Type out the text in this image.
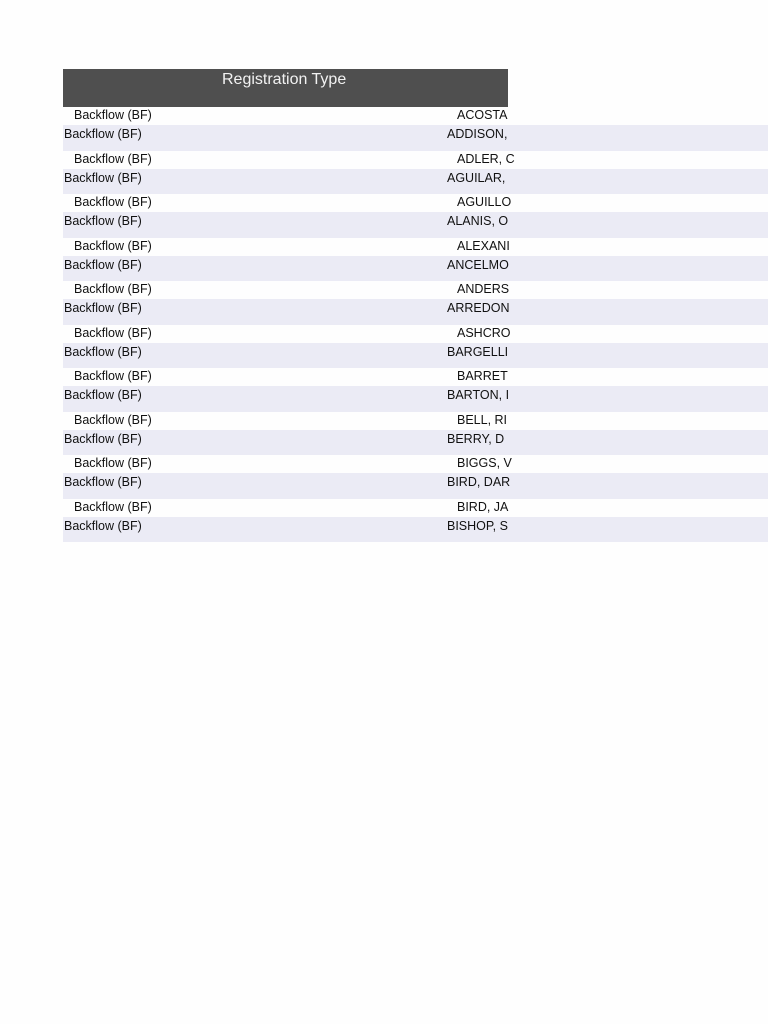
Registration Type
Backflow (BF)	ACOSTA
Backflow (BF)	ADDISON,
Backflow (BF)	ADLER, C
Backflow (BF)	AGUILAR,
Backflow (BF)	AGUILLO
Backflow (BF)	ALANIS, O
Backflow (BF)	ALEXANI
Backflow (BF)	ANCELMO
Backflow (BF)	ANDERS
Backflow (BF)	ARREDON
Backflow (BF)	ASHCRO
Backflow (BF)	BARGELLI
Backflow (BF)	BARRET
Backflow (BF)	BARTON, I
Backflow (BF)	BELL, RI
Backflow (BF)	BERRY, D
Backflow (BF)	BIGGS, V
Backflow (BF)	BIRD, DAR
Backflow (BF)	BIRD, JA
Backflow (BF)	BISHOP, S
